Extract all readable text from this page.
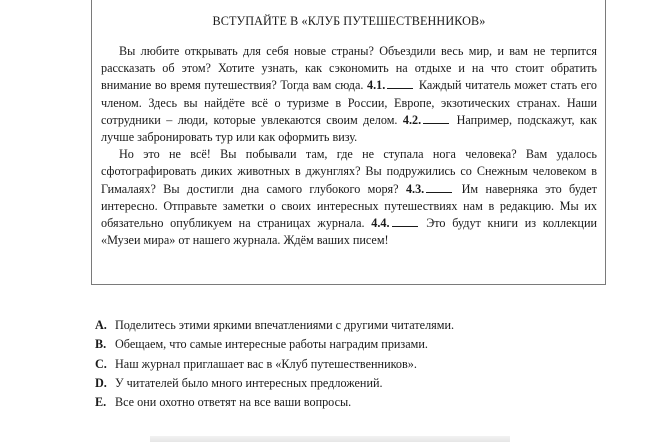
ВСТУПАЙТЕ В «КЛУБ ПУТЕШЕСТВЕННИКОВ»

Вы любите открывать для себя новые страны? Объездили весь мир, и вам не терпится рассказать об этом? Хотите узнать, как сэкономить на отдыхе и на что стоит обратить внимание во время путешествия? Тогда вам сюда. 4.1.	Каждый читатель может стать его членом. Здесь вы найдёте всё о туризме в России, Европе, экзотических странах. Наши сотрудники – люди, которые увлекаются своим делом. 4.2.	Например, подскажут, как лучше забронировать тур или как оформить визу.

Но это не всё! Вы побывали там, где не ступала нога человека? Вам удалось сфотографировать диких животных в джунглях? Вы подружились со Снежным человеком в Гималаях? Вы достигли дна самого глубокого моря? 4.3.	Им наверняка это будет интересно. Отправьте заметки о своих интересных путешествиях нам в редакцию. Мы их обязательно опубликуем на страницах журнала. 4.4.	Это будут книги из коллекции «Музеи мира» от нашего журнала. Ждём ваших писем!

A. Поделитесь этими яркими впечатлениями с другими читателями.
B. Обещаем, что самые интересные работы наградим призами.
C. Наш журнал приглашает вас в «Клуб путешественников».
D. У читателей было много интересных предложений.
E. Все они охотно ответят на все ваши вопросы.
